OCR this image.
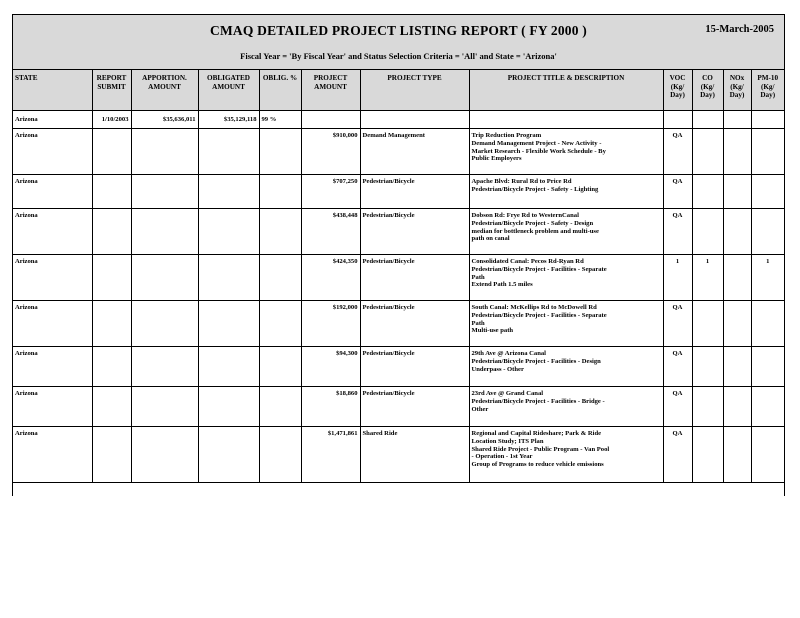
CMAQ DETAILED PROJECT LISTING REPORT ( FY 2000 )	15-March-2005
Fiscal Year = 'By Fiscal Year' and Status Selection Criteria = 'All' and State = 'Arizona'
STATE	REPORT SUBMIT	APPORTION. AMOUNT	OBLIGATED AMOUNT	OBLIG. %	PROJECT AMOUNT	PROJECT TYPE	PROJECT TITLE & DESCRIPTION	VOC (Kg/ Day)	CO (Kg/ Day)	NOx (Kg/ Day)	PM-10 (Kg/ Day)
Arizona	1/10/2003	$35,636,011	$35,129,118	99 %							
Arizona					$910,000	Demand Management	Trip Reduction Program
Demand Management Project - New Activity -
Market Research - Flexible Work Schedule - By
Public Employers	QA			
Arizona					$707,250	Pedestrian/Bicycle	Apache Blvd: Rural Rd to Price Rd
Pedestrian/Bicycle Project - Safety - Lighting	QA			
Arizona					$438,448	Pedestrian/Bicycle	Dobson Rd: Frye Rd to WesternCanal
Pedestrian/Bicycle Project - Safety - Design
median for bottleneck problem and multi-use
path on canal	QA			
Arizona					$424,350	Pedestrian/Bicycle	Consolidated Canal: Pecos Rd-Ryan Rd
Pedestrian/Bicycle Project - Facilities - Separate
Path
Extend Path 1.5 miles	1	1		1
Arizona					$192,000	Pedestrian/Bicycle	South Canal: McKellips Rd to McDowell Rd
Pedestrian/Bicycle Project - Facilities - Separate
Path
Multi-use path	QA			
Arizona					$94,300	Pedestrian/Bicycle	29th Ave @ Arizona Canal
Pedestrian/Bicycle Project - Facilities - Design
Underpass - Other	QA			
Arizona					$18,860	Pedestrian/Bicycle	23rd Ave @ Grand Canal
Pedestrian/Bicycle Project - Facilities - Bridge -
Other	QA			
Arizona					$1,471,861	Shared Ride	Regional and Capital Rideshare; Park & Ride
Location Study; ITS Plan
Shared Ride Project - Public Program - Van Pool
- Operation - 1st Year
Group of Programs to reduce vehicle emissions	QA			
